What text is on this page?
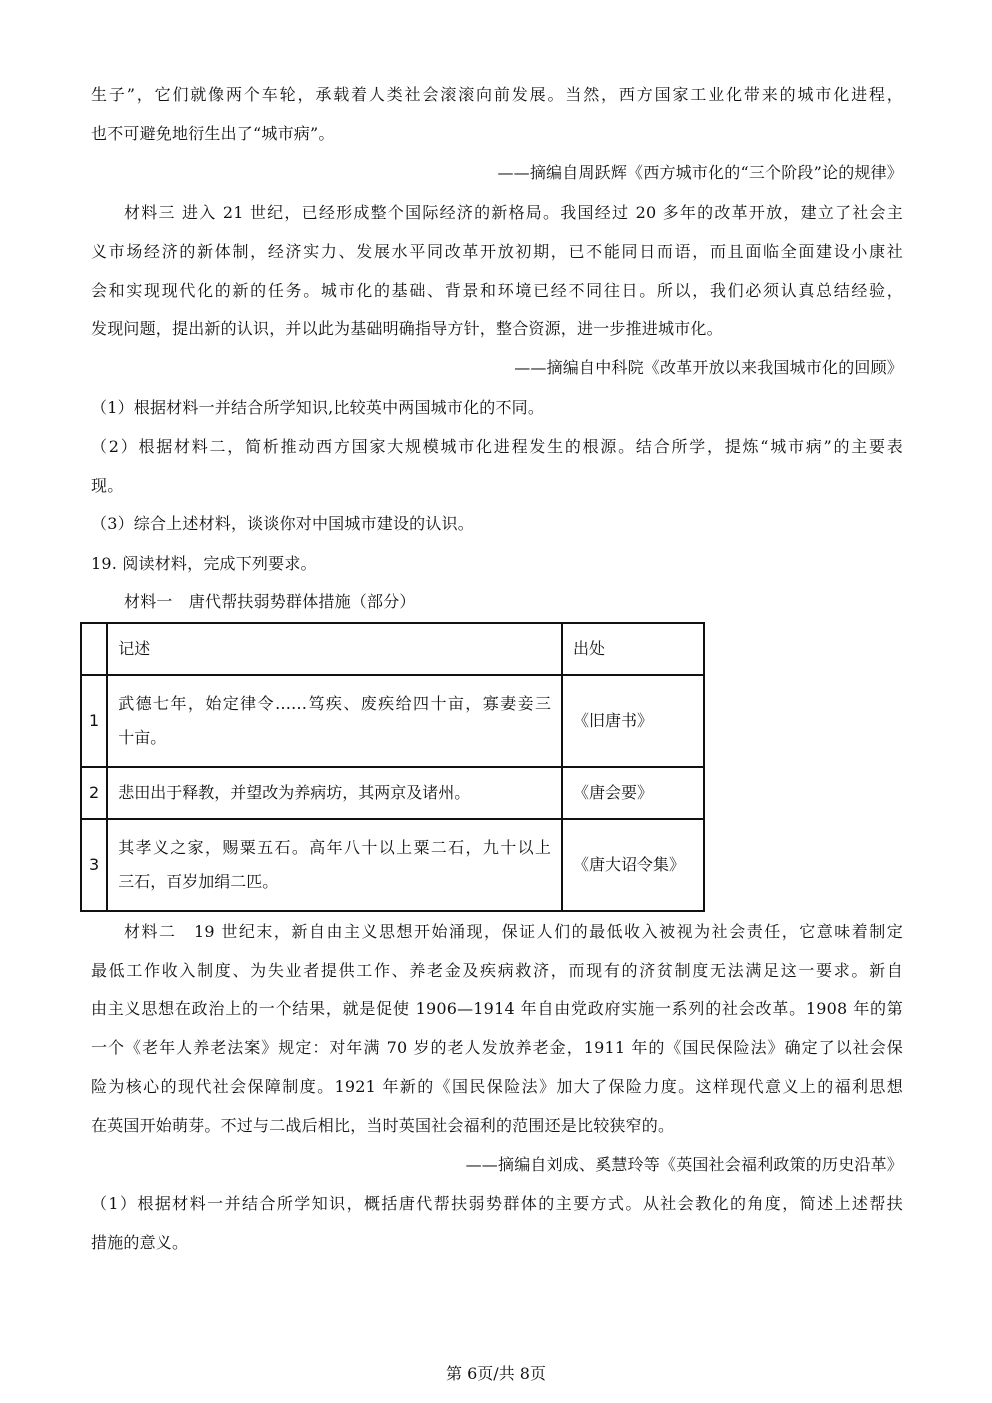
生子”，它们就像两个车轮，承载着人类社会滚滚向前发展。当然，西方国家工业化带来的城市化进程，
也不可避免地衍生出了“城市病”。
——摘编自周跃辉《西方城市化的“三个阶段”论的规律》
材料三 进入 21 世纪，已经形成整个国际经济的新格局。我国经过 20 多年的改革开放，建立了社会主
义市场经济的新体制，经济实力、发展水平同改革开放初期，已不能同日而语，而且面临全面建设小康社
会和实现现代化的新的任务。城市化的基础、背景和环境已经不同往日。所以，我们必须认真总结经验，
发现问题，提出新的认识，并以此为基础明确指导方针，整合资源，进一步推进城市化。
——摘编自中科院《改革开放以来我国城市化的回顾》
（1）根据材料一并结合所学知识,比较英中两国城市化的不同。
（2）根据材料二，简析推动西方国家大规模城市化进程发生的根源。结合所学，提炼“城市病”的主要表
现。
（3）综合上述材料，谈谈你对中国城市建设的认识。
19. 阅读材料，完成下列要求。
材料一　唐代帮扶弱势群体措施（部分）
	记述	出处
1	武德七年，始定律令……笃疾、废疾给四十亩，寡妻妾三
十亩。	《旧唐书》
2	悲田出于释教，并望改为养病坊，其两京及诸州。	《唐会要》
3	其孝义之家，赐粟五石。高年八十以上粟二石，九十以上
三石，百岁加绢二匹。	《唐大诏令集》
材料二　19 世纪末，新自由主义思想开始涌现，保证人们的最低收入被视为社会责任，它意味着制定
最低工作收入制度、为失业者提供工作、养老金及疾病救济，而现有的济贫制度无法满足这一要求。新自
由主义思想在政治上的一个结果，就是促使 1906—1914 年自由党政府实施一系列的社会改革。1908 年的第
一个《老年人养老法案》规定：对年满 70 岁的老人发放养老金，1911 年的《国民保险法》确定了以社会保
险为核心的现代社会保障制度。1921 年新的《国民保险法》加大了保险力度。这样现代意义上的福利思想
在英国开始萌芽。不过与二战后相比，当时英国社会福利的范围还是比较狭窄的。
——摘编自刘成、奚慧玲等《英国社会福利政策的历史沿革》
（1）根据材料一并结合所学知识，概括唐代帮扶弱势群体的主要方式。从社会教化的角度，简述上述帮扶
措施的意义。
第 6页/共 8页
